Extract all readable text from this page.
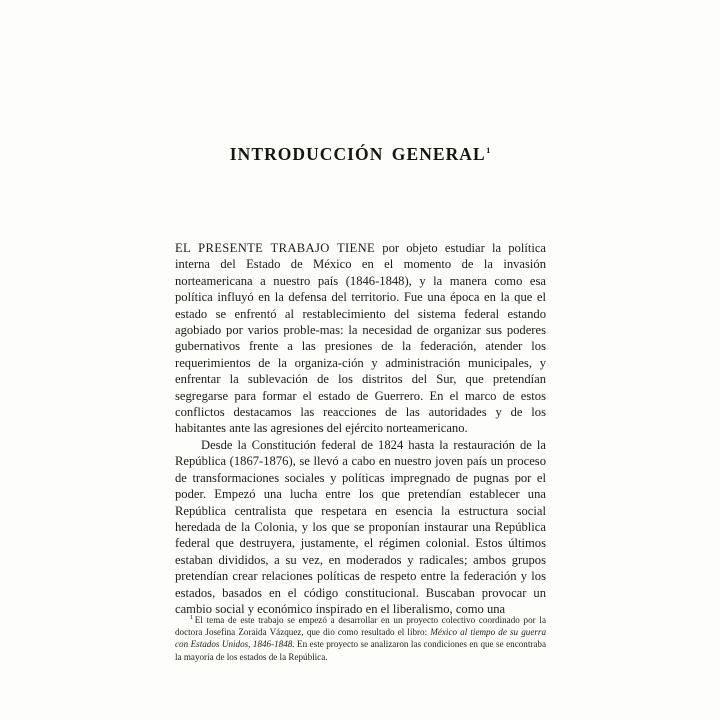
INTRODUCCIÓN GENERAL$^1$

EL PRESENTE TRABAJO TIENE por objeto estudiar la política interna del Estado de México en el momento de la invasión norteamericana a nuestro país (1846-1848), y la manera como esa política influyó en la defensa del territorio. Fue una época en la que el estado se enfrentó al restablecimiento del sistema federal estando agobiado por varios proble-mas: la necesidad de organizar sus poderes gubernativos frente a las presiones de la federación, atender los requerimientos de la organiza-ción y administración municipales, y enfrentar la sublevación de los distritos del Sur, que pretendían segregarse para formar el estado de Guerrero. En el marco de estos conflictos destacamos las reacciones de las autoridades y de los habitantes ante las agresiones del ejército norteamericano.

Desde la Constitución federal de 1824 hasta la restauración de la República (1867-1876), se llevó a cabo en nuestro joven país un proceso de transformaciones sociales y políticas impregnado de pugnas por el poder. Empezó una lucha entre los que pretendían establecer una República centralista que respetara en esencia la estructura social heredada de la Colonia, y los que se proponían instaurar una República federal que destruyera, justamente, el régimen colonial. Estos últimos estaban divididos, a su vez, en moderados y radicales; ambos grupos pretendían crear relaciones políticas de respeto entre la federación y los estados, basados en el código constitucional. Buscaban provocar un cambio social y económico inspirado en el liberalismo, como una

$^1$ El tema de este trabajo se empezó a desarrollar en un proyecto colectivo coordinado por la doctora Josefina Zoraida Vázquez, que dio como resultado el libro: México al tiempo de su guerra con Estados Unidos, 1846-1848. En este proyecto se analizaron las condiciones en que se encontraba la mayoría de los estados de la República.
